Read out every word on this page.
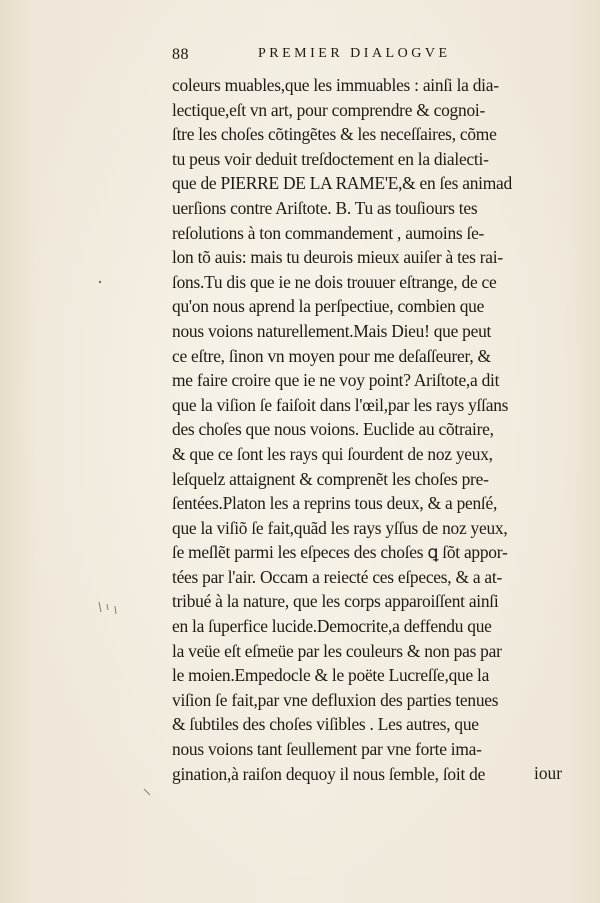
88	PREMIER DIALOGVE
coleurs muables,que les immuables : ainſi la dia-
lectique,eſt vn art, pour comprendre & cognoi-
ſtre les choſes cõtingẽtes & les neceſſaires, cõme
tu peus voir deduit treſdoctement en la dialecti-
que de PIERRE DE LA RAME'E,& en ſes animad
uerſions contre Ariſtote. B. Tu as touſiours tes
reſolutions à ton commandement , aumoins ſe-
lon tõ auis: mais tu deurois mieux auiſer à tes rai-
ſons.Tu dis que ie ne dois trouuer eſtrange, de ce
qu'on nous aprend la perſpectiue, combien que
nous voions naturellement.Mais Dieu! que peut
ce eſtre, ſinon vn moyen pour me deſaſſeurer, &
me faire croire que ie ne voy point? Ariſtote,a dit
que la viſion ſe faiſoit dans l'œil,par les rays yſſans
des choſes que nous voions. Euclide au cõtraire,
& que ce ſont les rays qui ſourdent de noz yeux,
leſquelz attaignent & comprenẽt les choſes pre-
ſentées.Platon les a reprins tous deux, & a penſé,
que la viſiõ ſe fait,quãd les rays yſſus de noz yeux,
ſe meſlẽt parmi les eſpeces des choſes ꝗ ſõt appor-
tées par l'air. Occam a reiecté ces eſpeces, & a at-
tribué à la nature, que les corps apparoiſſent ainſi
en la ſuperfice lucide.Democrite,a deffendu que
la veüe eſt eſmeüe par les couleurs & non pas par
le moien.Empedocle & le poëte Lucreſſe,que la
viſion ſe fait,par vne defluxion des parties tenues
& ſubtiles des choſes viſibles . Les autres, que
nous voions tant ſeullement par vne forte ima-
gination,à raiſon dequoy il nous ſemble, ſoit de	iour
